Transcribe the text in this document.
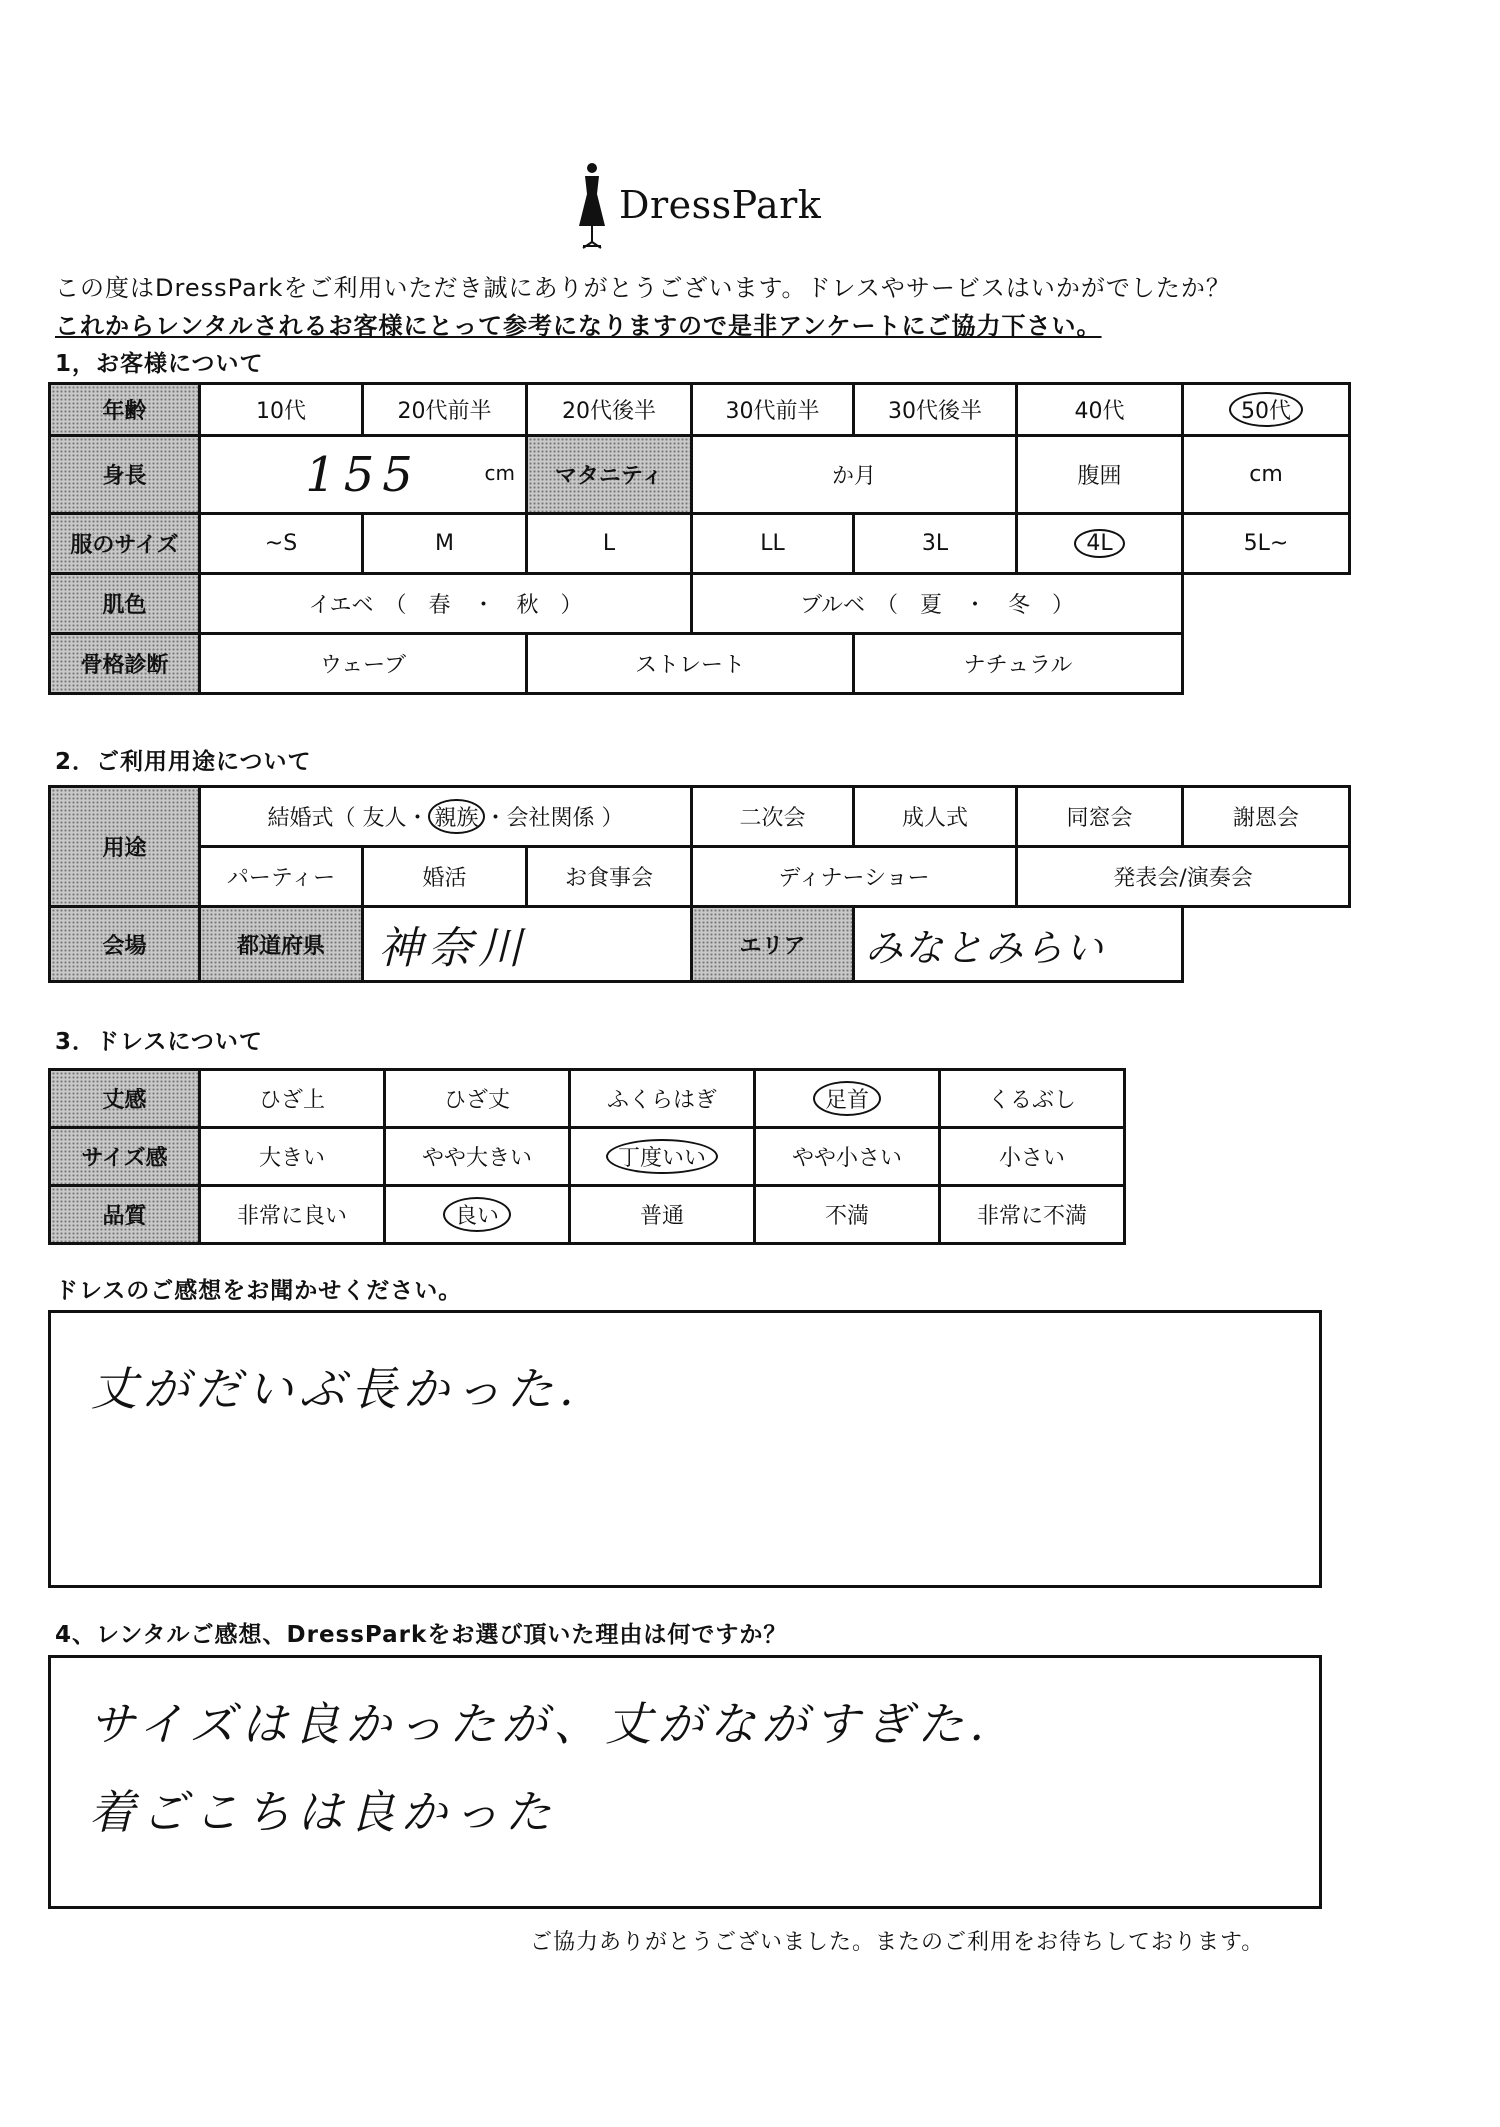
DressPark
この度はDressParkをご利用いただき誠にありがとうございます。ドレスやサービスはいかがでしたか？
これからレンタルされるお客様にとって参考になりますので是非アンケートにご協力下さい。
1，お客様について
年齢	10代	20代前半	20代後半	30代前半	30代後半	40代	50代
身長	155 cm		マタニティ	か月		腹囲	cm
服のサイズ	~S	M	L	LL	3L	4L	5L~
肌色	イエベ　（　春　・　秋　）			ブルベ　（　夏　・　冬　）			
骨格診断	ウェーブ		ストレート		ナチュラル		
2．ご利用用途について
用途	結婚式（ 友人・ 親族 ・会社関係 ）			二次会	成人式	同窓会	謝恩会
	パーティー	婚活	お食事会	ディナーショー		発表会/演奏会	
会場	都道府県	神奈川		エリア	みなとみらい		
3．ドレスについて
丈感	ひざ上	ひざ丈	ふくらはぎ	足首	くるぶし
サイズ感	大きい	やや大きい	丁度いい	やや小さい	小さい
品質	非常に良い	良い	普通	不満	非常に不満
ドレスのご感想をお聞かせください。
丈がだいぶ長かった.
4、レンタルご感想、DressParkをお選び頂いた理由は何ですか？
サイズは良かったが、丈がながすぎた.
着ごこちは良かった
ご協力ありがとうございました。またのご利用をお待ちしております。
